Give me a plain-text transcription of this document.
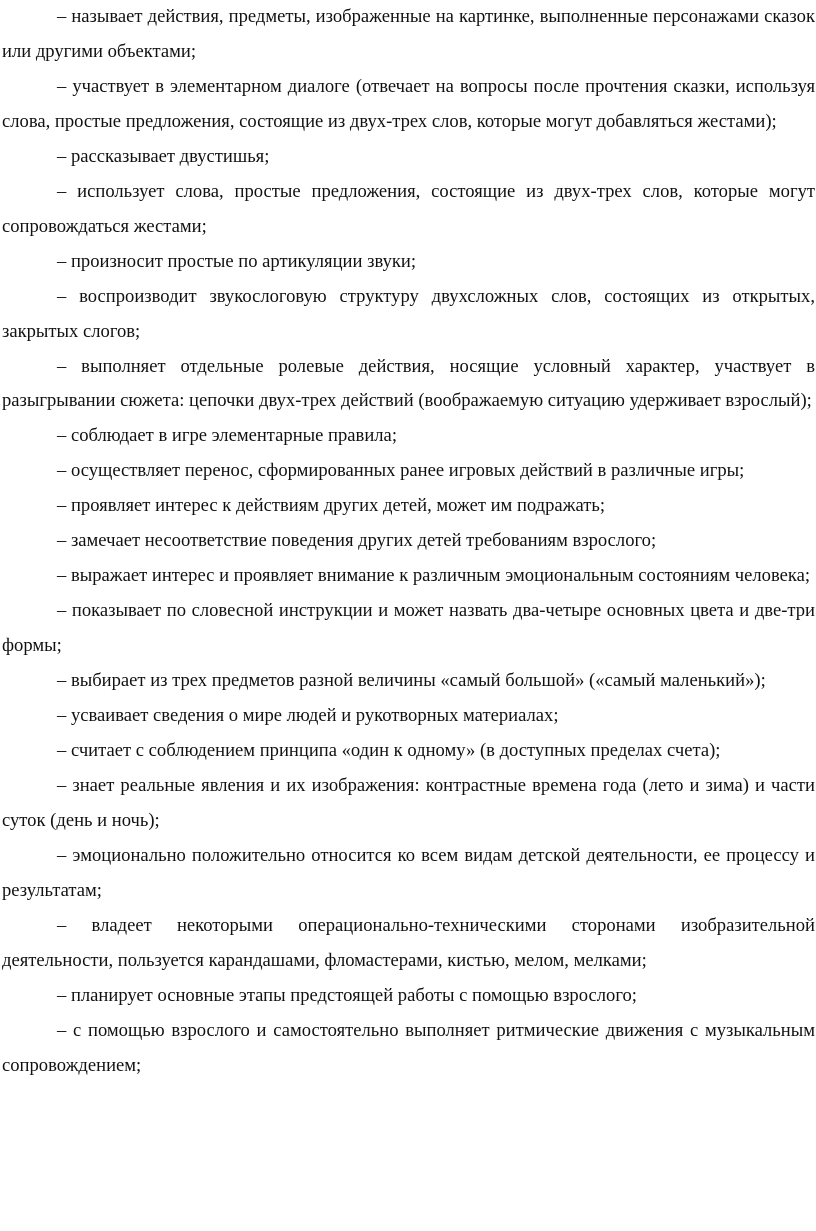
– называет действия, предметы, изображенные на картинке, выполненные персонажами сказок или другими объектами;

– участвует в элементарном диалоге (отвечает на вопросы после прочтения сказки, используя слова, простые предложения, состоящие из двух-трех слов, которые могут добавляться жестами);

– рассказывает двустишья;

– использует слова, простые предложения, состоящие из двух-трех слов, которые могут сопровождаться жестами;

– произносит простые по артикуляции звуки;

– воспроизводит звукослоговую структуру двухсложных слов, состоящих из открытых, закрытых слогов;

– выполняет отдельные ролевые действия, носящие условный характер, участвует в разыгрывании сюжета: цепочки двух-трех действий (воображаемую ситуацию удерживает взрослый);

– соблюдает в игре элементарные правила;

– осуществляет перенос, сформированных ранее игровых действий в различные игры;

– проявляет интерес к действиям других детей, может им подражать;

– замечает несоответствие поведения других детей требованиям взрослого;

– выражает интерес и проявляет внимание к различным эмоциональным состояниям человека;

– показывает по словесной инструкции и может назвать два-четыре основных цвета и две-три формы;

– выбирает из трех предметов разной величины «самый большой» («самый маленький»);

– усваивает сведения о мире людей и рукотворных материалах;

– считает с соблюдением принципа «один к одному» (в доступных пределах счета);

– знает реальные явления и их изображения: контрастные времена года (лето и зима) и части суток (день и ночь);

– эмоционально положительно относится ко всем видам детской деятельности, ее процессу и результатам;

– владеет некоторыми операционально-техническими сторонами изобразительной деятельности, пользуется карандашами, фломастерами, кистью, мелом, мелками;

– планирует основные этапы предстоящей работы с помощью взрослого;

– с помощью взрослого и самостоятельно выполняет ритмические движения с музыкальным сопровождением;
